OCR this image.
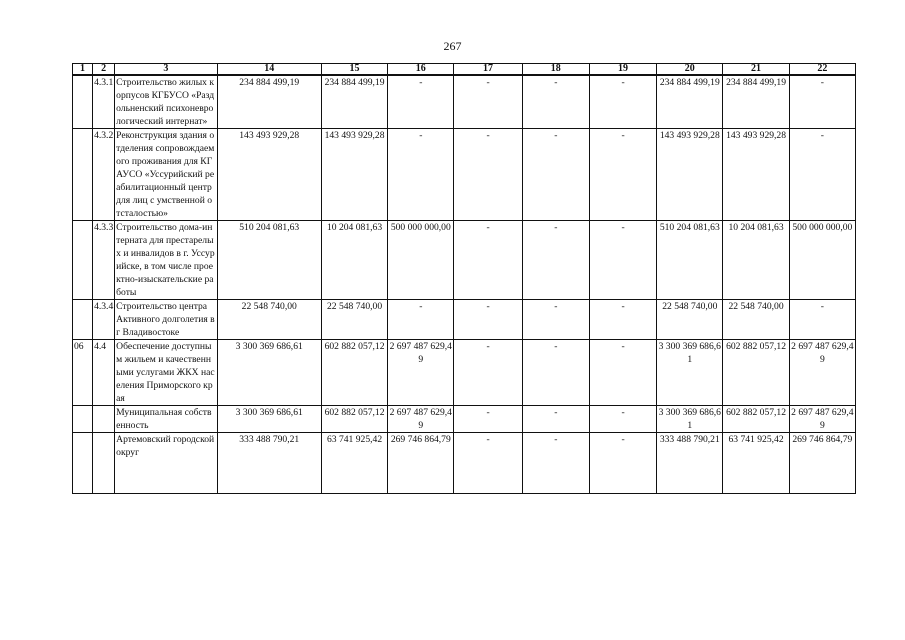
267
1	2	3	14	15	16	17	18	19	20	21	22
	4.3.1	Строительство жилых корпусов КГБУСО «Раздольненский психоневрологический интернат»	234 884 499,19	234 884 499,19	-	-	-	-	234 884 499,19	234 884 499,19	-
	4.3.2	Реконструкция здания отделения сопровождаемого проживания для КГАУСО «Уссурийский реабилитационный центр для лиц с умственной отсталостью»	143 493 929,28	143 493 929,28	-	-	-	-	143 493 929,28	143 493 929,28	-
	4.3.3	Строительство дома-интерната для престарелых и инвалидов в г. Уссурийске, в том числе проектно-изыскательские работы	510 204 081,63	10 204 081,63	500 000 000,00	-	-	-	510 204 081,63	10 204 081,63	500 000 000,00
	4.3.4	Строительство центра Активного долголетия в г Владивостоке	22 548 740,00	22 548 740,00	-	-	-	-	22 548 740,00	22 548 740,00	-
06	4.4	Обеспечение доступным жильем и качественными услугами ЖКХ населения Приморского края	3 300 369 686,61	602 882 057,12	2 697 487 629,49	-	-	-	3 300 369 686,61	602 882 057,12	2 697 487 629,49
		Муниципальная собственность	3 300 369 686,61	602 882 057,12	2 697 487 629,49	-	-	-	3 300 369 686,61	602 882 057,12	2 697 487 629,49
		Артемовский городской округ	333 488 790,21	63 741 925,42	269 746 864,79	-	-	-	333 488 790,21	63 741 925,42	269 746 864,79
